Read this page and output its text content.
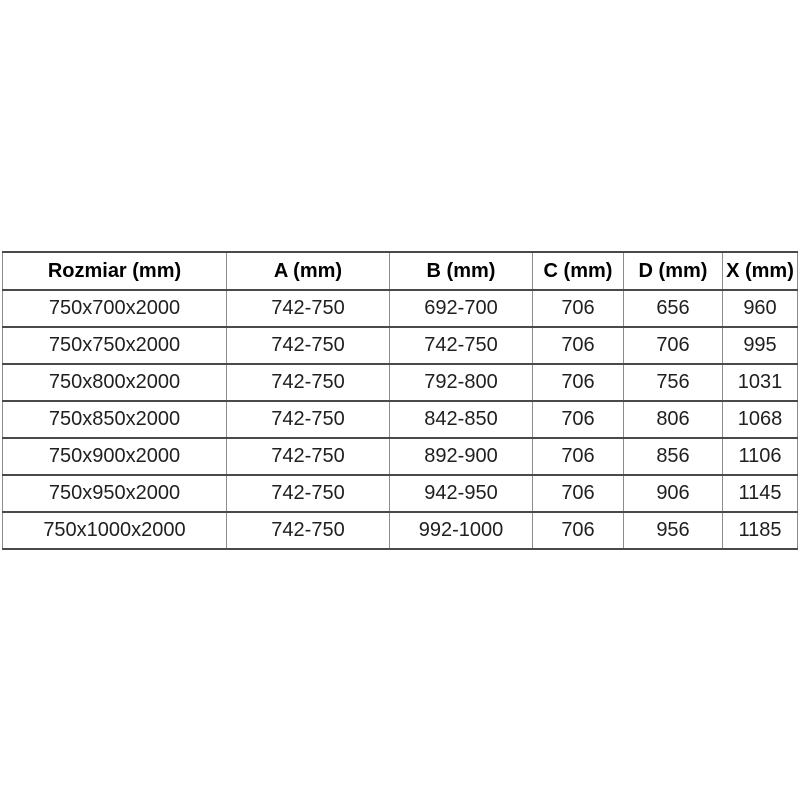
Rozmiar (mm)	A (mm)	B (mm)	C (mm)	D (mm)	X (mm)
750x700x2000	742-750	692-700	706	656	960
750x750x2000	742-750	742-750	706	706	995
750x800x2000	742-750	792-800	706	756	1031
750x850x2000	742-750	842-850	706	806	1068
750x900x2000	742-750	892-900	706	856	1106
750x950x2000	742-750	942-950	706	906	1145
750x1000x2000	742-750	992-1000	706	956	1185
